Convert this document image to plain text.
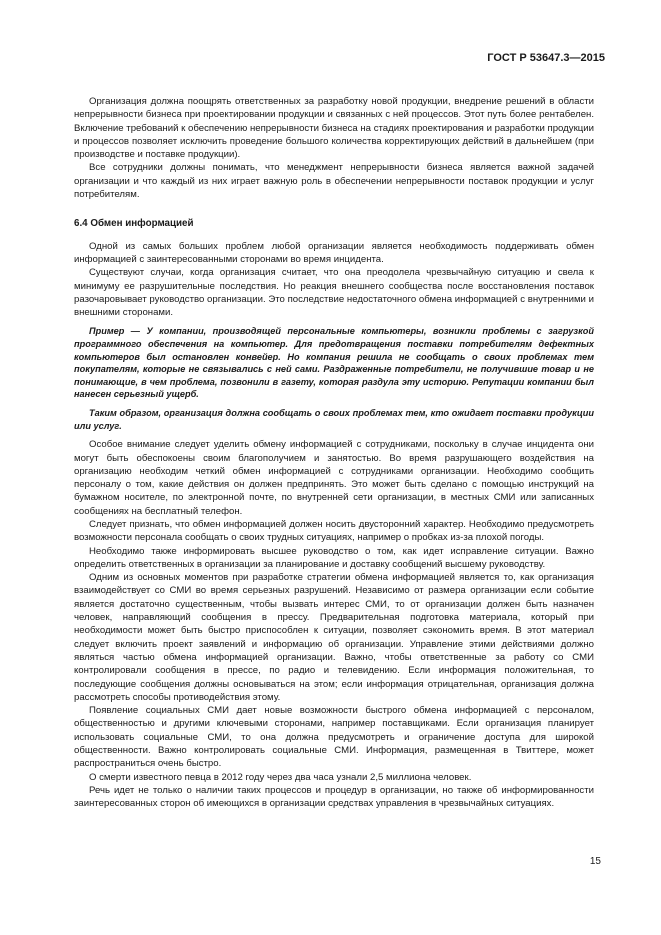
ГОСТ Р 53647.3—2015

Организация должна поощрять ответственных за разработку новой продукции, внедрение решений в области непрерывности бизнеса при проектировании продукции и связанных с ней процессов. Этот путь более рентабелен. Включение требований к обеспечению непрерывности бизнеса на стадиях проектирования и разработки продукции и процессов позволяет исключить проведение большого количества корректирующих действий в дальнейшем (при производстве и поставке продукции).

Все сотрудники должны понимать, что менеджмент непрерывности бизнеса является важной задачей организации и что каждый из них играет важную роль в обеспечении непрерывности поставок продукции и услуг потребителям.

6.4 Обмен информацией

Одной из самых больших проблем любой организации является необходимость поддерживать обмен информацией с заинтересованными сторонами во время инцидента.

Существуют случаи, когда организация считает, что она преодолела чрезвычайную ситуацию и свела к минимуму ее разрушительные последствия. Но реакция внешнего сообщества после восстановления поставок разочаровывает руководство организации. Это последствие недостаточного обмена информацией с внутренними и внешними сторонами.

Пример — У компании, производящей персональные компьютеры, возникли проблемы с загрузкой программного обеспечения на компьютер. Для предотвращения поставки потребителям дефектных компьютеров был остановлен конвейер. Но компания решила не сообщать о своих проблемах тем покупателям, которые не связывались с ней сами. Раздраженные потребители, не получившие товар и не понимающие, в чем проблема, позвонили в газету, которая раздула эту историю. Репутации компании был нанесен серьезный ущерб.

Таким образом, организация должна сообщать о своих проблемах тем, кто ожидает поставки продукции или услуг.

Особое внимание следует уделить обмену информацией с сотрудниками, поскольку в случае инцидента они могут быть обеспокоены своим благополучием и занятостью. Во время разрушающего воздействия на организацию необходим четкий обмен информацией с сотрудниками организации. Необходимо сообщить персоналу о том, какие действия он должен предпринять. Это может быть сделано с помощью инструкций на бумажном носителе, по электронной почте, по внутренней сети организации, в местных СМИ или записанных сообщениях на бесплатный телефон.

Следует признать, что обмен информацией должен носить двусторонний характер. Необходимо предусмотреть возможности персонала сообщать о своих трудных ситуациях, например о пробках из-за плохой погоды.

Необходимо также информировать высшее руководство о том, как идет исправление ситуации. Важно определить ответственных в организации за планирование и доставку сообщений высшему руководству.

Одним из основных моментов при разработке стратегии обмена информацией является то, как организация взаимодействует со СМИ во время серьезных разрушений. Независимо от размера организации если событие является достаточно существенным, чтобы вызвать интерес СМИ, то от организации должен быть назначен человек, направляющий сообщения в прессу. Предварительная подготовка материала, который при необходимости может быть быстро приспособлен к ситуации, позволяет сэкономить время. В этот материал следует включить проект заявлений и информацию об организации. Управление этими действиями должно являться частью обмена информацией организации. Важно, чтобы ответственные за работу со СМИ контролировали сообщения в прессе, по радио и телевидению. Если информация положительная, то последующие сообщения должны основываться на этом; если информация отрицательная, организация должна рассмотреть способы противодействия этому.

Появление социальных СМИ дает новые возможности быстрого обмена информацией с персоналом, общественностью и другими ключевыми сторонами, например поставщиками. Если организация планирует использовать социальные СМИ, то она должна предусмотреть и ограничение доступа для широкой общественности. Важно контролировать социальные СМИ. Информация, размещенная в Твиттере, может распространиться очень быстро.

О смерти известного певца в 2012 году через два часа узнали 2,5 миллиона человек.

Речь идет не только о наличии таких процессов и процедур в организации, но также об информированности заинтересованных сторон об имеющихся в организации средствах управления в чрезвычайных ситуациях.

15
